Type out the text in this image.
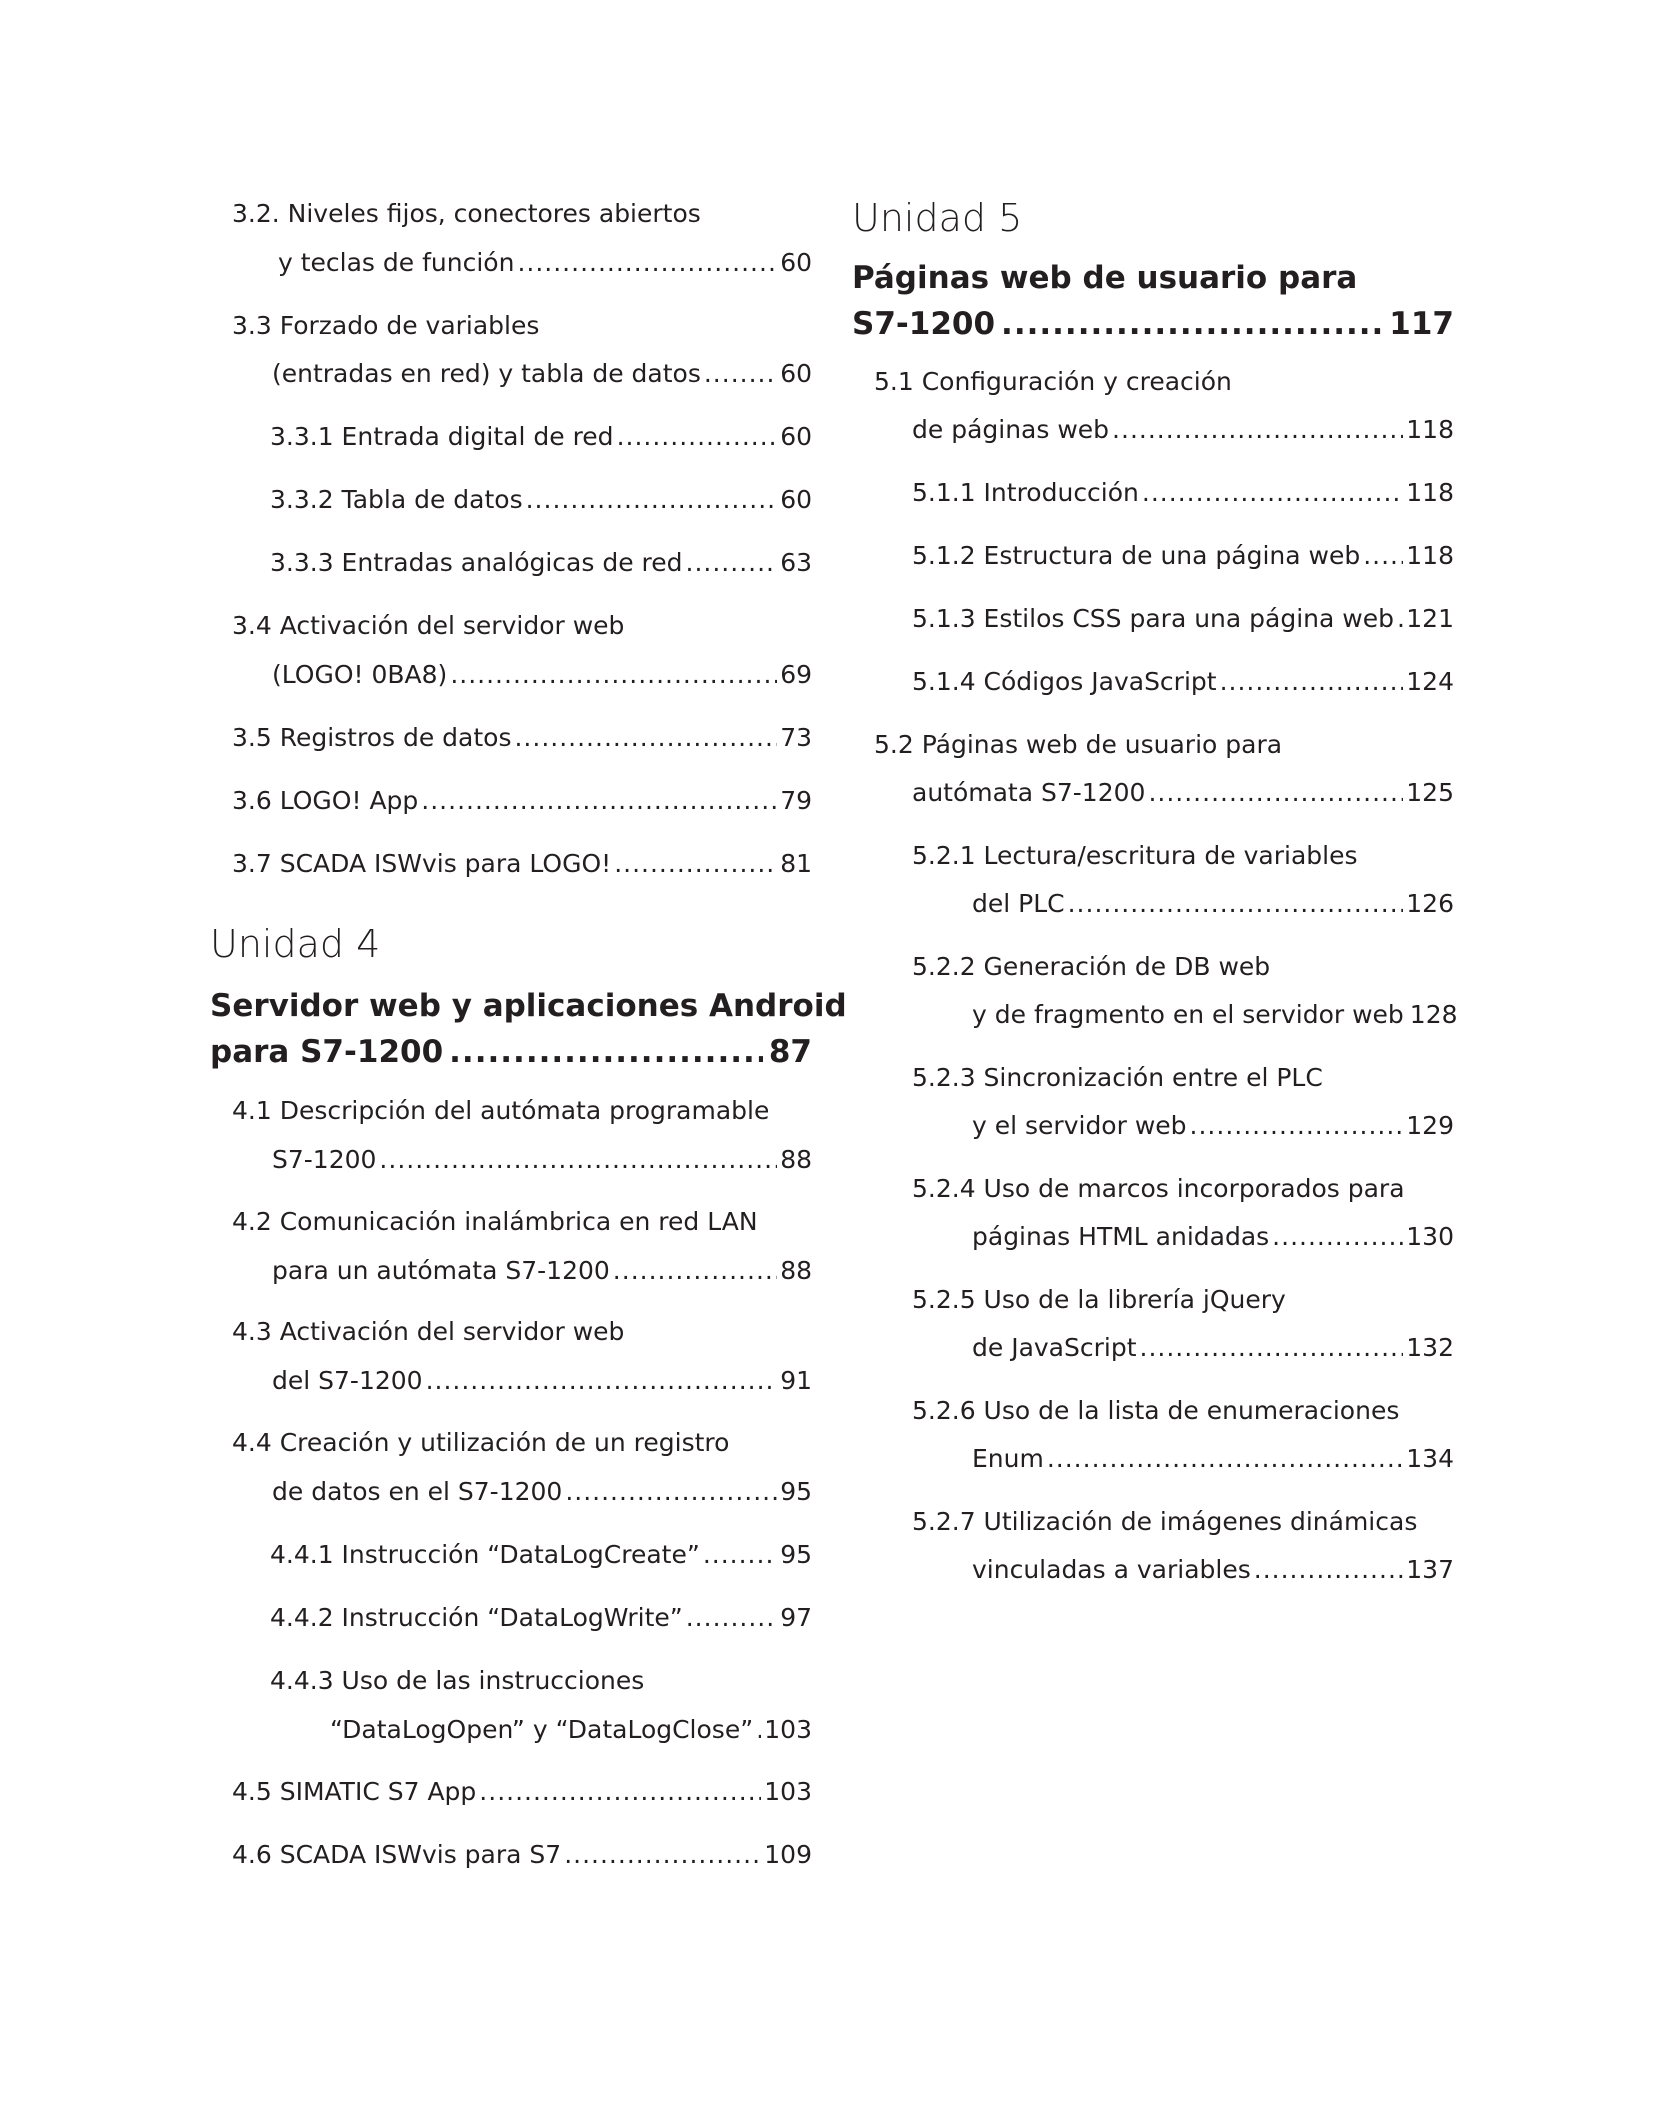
3.2. Niveles fijos, conectores abiertos
y teclas de función .....	60
3.3 Forzado de variables
(entradas en red) y tabla de datos .....	60
3.3.1 Entrada digital de red .....	60
3.3.2 Tabla de datos .....	60
3.3.3 Entradas analógicas de red .....	63
3.4 Activación del servidor web
(LOGO! 0BA8) .....	69
3.5 Registros de datos .....	73
3.6 LOGO! App .....	79
3.7 SCADA ISWvis para LOGO! .....	81
Unidad 4
Servidor web y aplicaciones Android
para S7-1200 .....	87
4.1 Descripción del autómata programable
S7-1200 .....	88
4.2 Comunicación inalámbrica en red LAN
para un autómata S7-1200 .....	88
4.3 Activación del servidor web
del S7-1200 .....	91
4.4 Creación y utilización de un registro
de datos en el S7-1200 .....	95
4.4.1 Instrucción “DataLogCreate” .....	95
4.4.2 Instrucción “DataLogWrite” .....	97
4.4.3 Uso de las instrucciones
“DataLogOpen” y “DataLogClose” ..... 103
4.5 SIMATIC S7 App .....	103
4.6 SCADA ISWvis para S7 .....	109
Unidad 5
Páginas web de usuario para
S7-1200 .....	117
5.1 Configuración y creación
de páginas web .....	118
5.1.1 Introducción .....	118
5.1.2 Estructura de una página web ..... 118
5.1.3 Estilos CSS para una página web ..... 121
5.1.4 Códigos JavaScript .....	124
5.2 Páginas web de usuario para
autómata S7-1200 .....	125
5.2.1 Lectura/escritura de variables
del PLC .....	126
5.2.2 Generación de DB web
y de fragmento en el servidor web 128
5.2.3 Sincronización entre el PLC
y el servidor web .....	129
5.2.4 Uso de marcos incorporados para
páginas HTML anidadas .....	130
5.2.5 Uso de la librería jQuery
de JavaScript .....	132
5.2.6 Uso de la lista de enumeraciones
Enum .....	134
5.2.7 Utilización de imágenes dinámicas
vinculadas a variables .....	137
